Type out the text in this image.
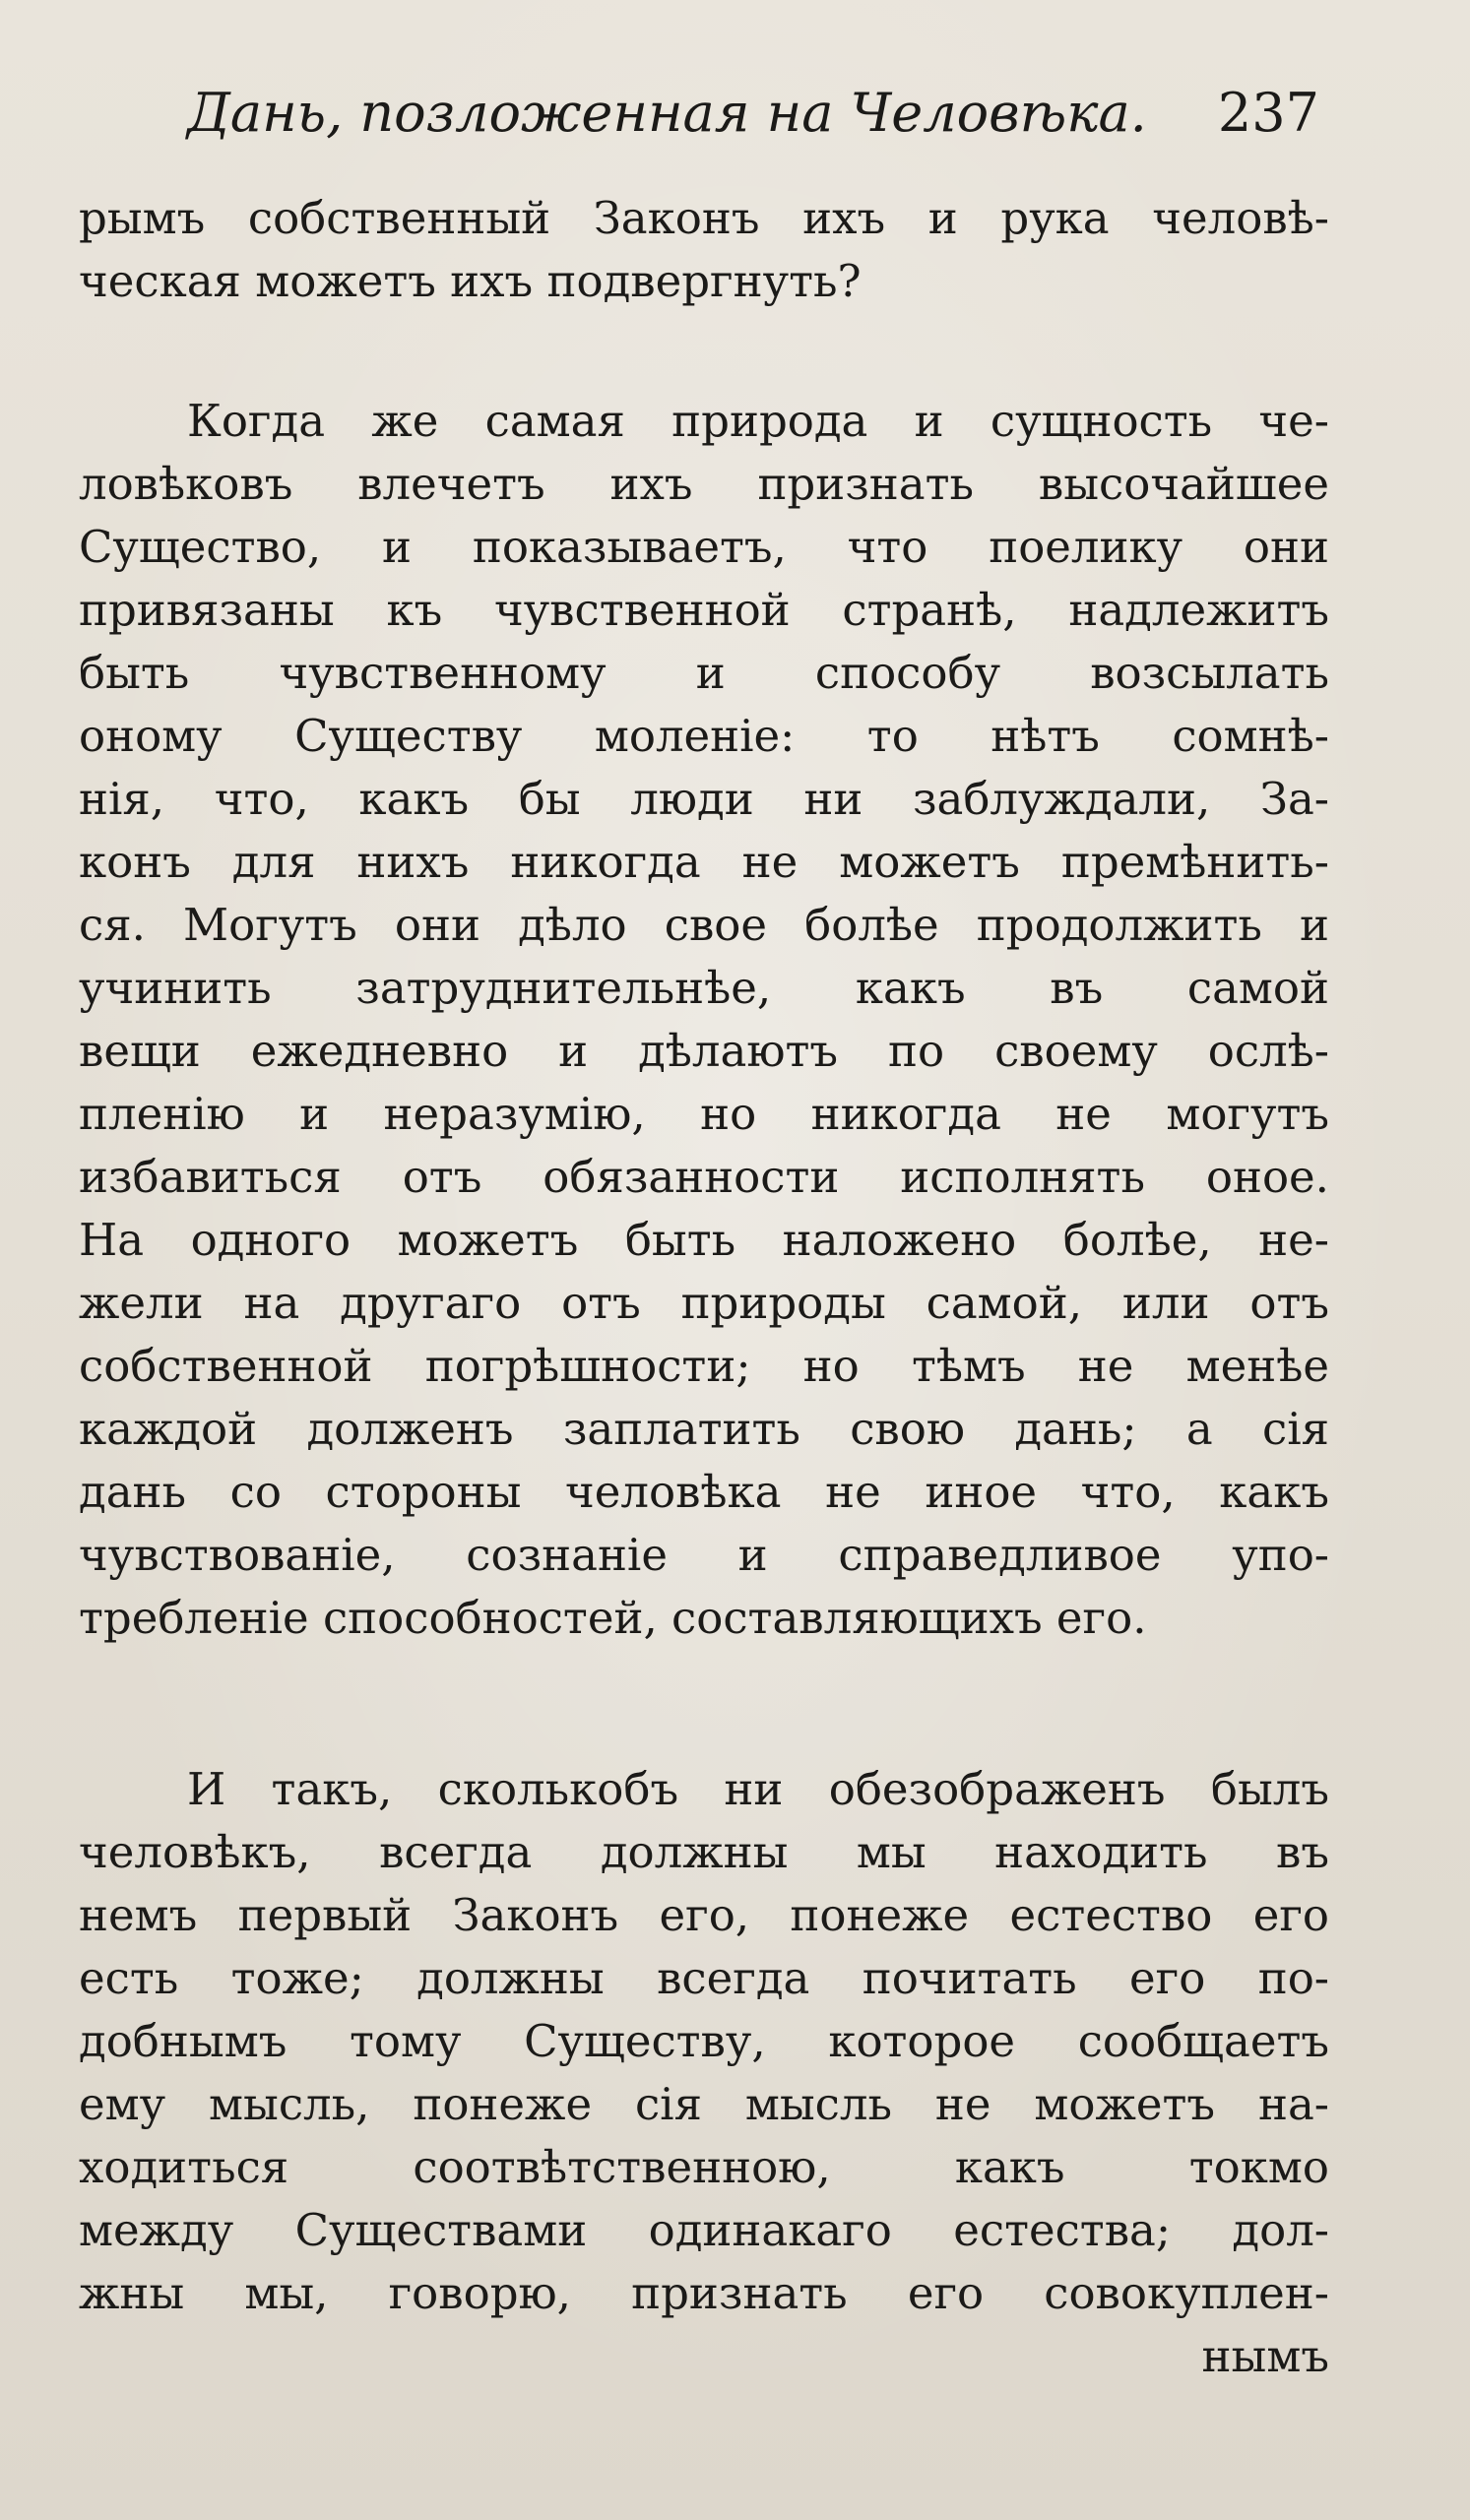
Дань, позложенная на Человѣка. 237
рымъ собственный Законъ ихъ и рука человѣ-
ческая можетъ ихъ подвергнуть?
Когда же самая природа и сущность че-
ловѣковъ влечетъ ихъ признать высочайшее
Существо, и показываетъ, что поелику они
привязаны къ чувственной странѣ, надлежитъ
быть чувственному и способу возсылать
оному Существу моленіе: то нѣтъ сомнѣ-
нія, что, какъ бы люди ни заблуждали, За-
конъ для нихъ никогда не можетъ премѣнить-
ся. Могутъ они дѣло свое болѣе продолжить и
учинить затруднительнѣе, какъ въ самой
вещи ежедневно и дѣлаютъ по своему ослѣ-
пленію и неразумію, но никогда не могутъ
избавиться отъ обязанности исполнять оное.
На одного можетъ быть наложено болѣе, не-
жели на другаго отъ природы самой, или отъ
собственной погрѣшности; но тѣмъ не менѣе
каждой долженъ заплатить свою дань; а сія
дань со стороны человѣка не иное что, какъ
чувствованіе, сознаніе и справедливое упо-
требленіе способностей, составляющихъ его.
И такъ, сколькобъ ни обезображенъ былъ
человѣкъ, всегда должны мы находить въ
немъ первый Законъ его, понеже естество его
есть тоже; должны всегда почитать его по-
добнымъ тому Существу, которое сообщаетъ
ему мысль, понеже сія мысль не можетъ на-
ходиться соотвѣтственною, какъ токмо
между Существами одинакаго естества; дол-
жны мы, говорю, признать его совокуплен-
нымъ
